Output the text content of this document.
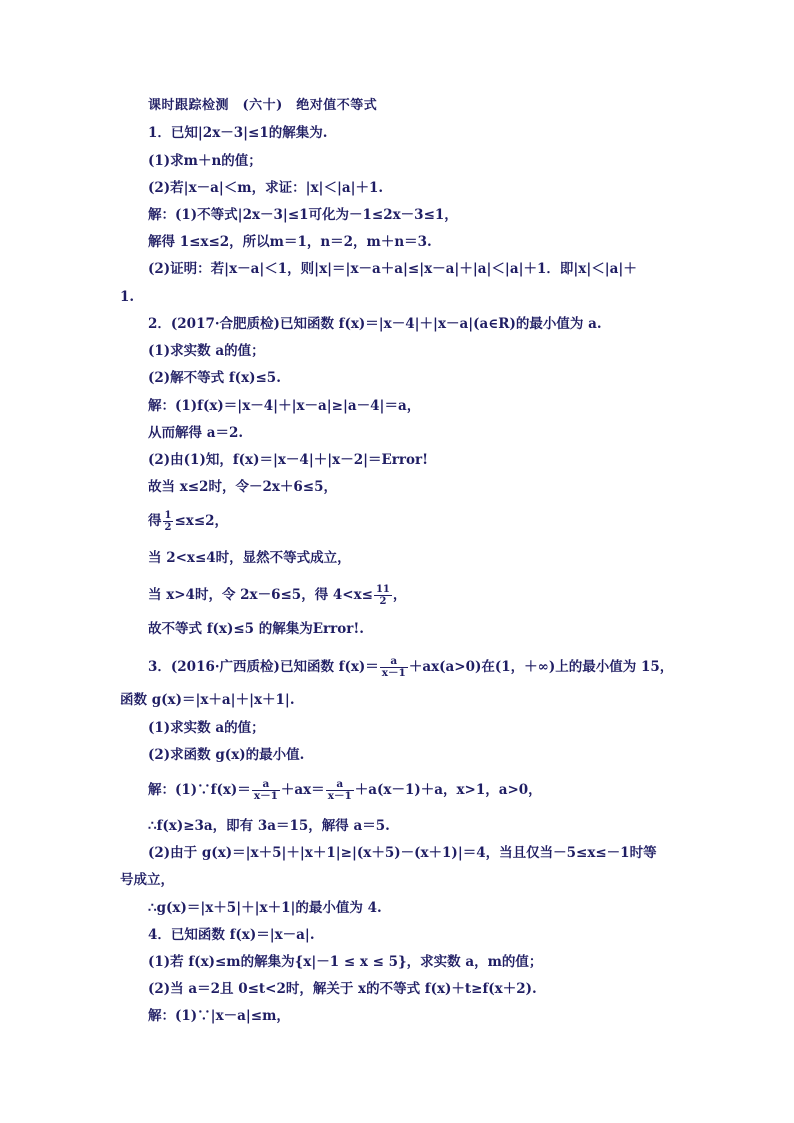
课时跟踪检测　(六十)　绝对值不等式
1．已知|2x－3|≤1的解集为.
(1)求m＋n的值；
(2)若|x－a|＜m，求证：|x|＜|a|＋1.
解：(1)不等式|2x－3|≤1可化为－1≤2x－3≤1，
解得 1≤x≤2，所以m＝1，n＝2，m＋n＝3.
(2)证明：若|x－a|＜1，则|x|＝|x－a＋a|≤|x－a|＋|a|＜|a|＋1．即|x|＜|a|＋
1.
2．(2017·合肥质检)已知函数 f(x)＝|x－4|＋|x－a|(a∈R)的最小值为 a.
(1)求实数 a的值；
(2)解不等式 f(x)≤5.
解：(1)f(x)＝|x－4|＋|x－a|≥|a－4|＝a，
从而解得 a＝2.
(2)由(1)知，f(x)＝|x－4|＋|x－2|＝Error!
故当 x≤2时，令－2x＋6≤5，
得 $\frac{1}{2} \le x\le 2$，
当 2<x≤4时，显然不等式成立，
当 x>4时，令 2x－6≤5，得 $4<x\le \frac{11}{2}$ ，
故不等式 f(x)≤5 的解集为Error!.
3．(2016·广西质检)已知函数 $f(x)= \frac{a}{x-1} +ax(a>0)$在(1，＋∞)上的最小值为 15，
函数 g(x)＝|x＋a|＋|x＋1|.
(1)求实数 a的值；
(2)求函数 g(x)的最小值.
解：(1)∵f(x)＝ $\frac{a}{x-1} +ax= \frac{a}{x-1} +a(x-1)+a$，x>1，a>0，
∴f(x)≥3a，即有 3a＝15，解得 a＝5.
(2)由于 g(x)＝|x＋5|＋|x＋1|≥|(x＋5)－(x＋1)|＝4，当且仅当－5≤x≤－1时等
号成立，
∴g(x)＝|x＋5|＋|x＋1|的最小值为 4.
4．已知函数 f(x)＝|x－a|.
(1)若 f(x)≤m的解集为{x|－1 ≤ x ≤ 5}，求实数 a，m的值；
(2)当 a＝2且 0≤t<2时，解关于 x的不等式 f(x)＋t≥f(x＋2).
解：(1)∵|x－a|≤m，
